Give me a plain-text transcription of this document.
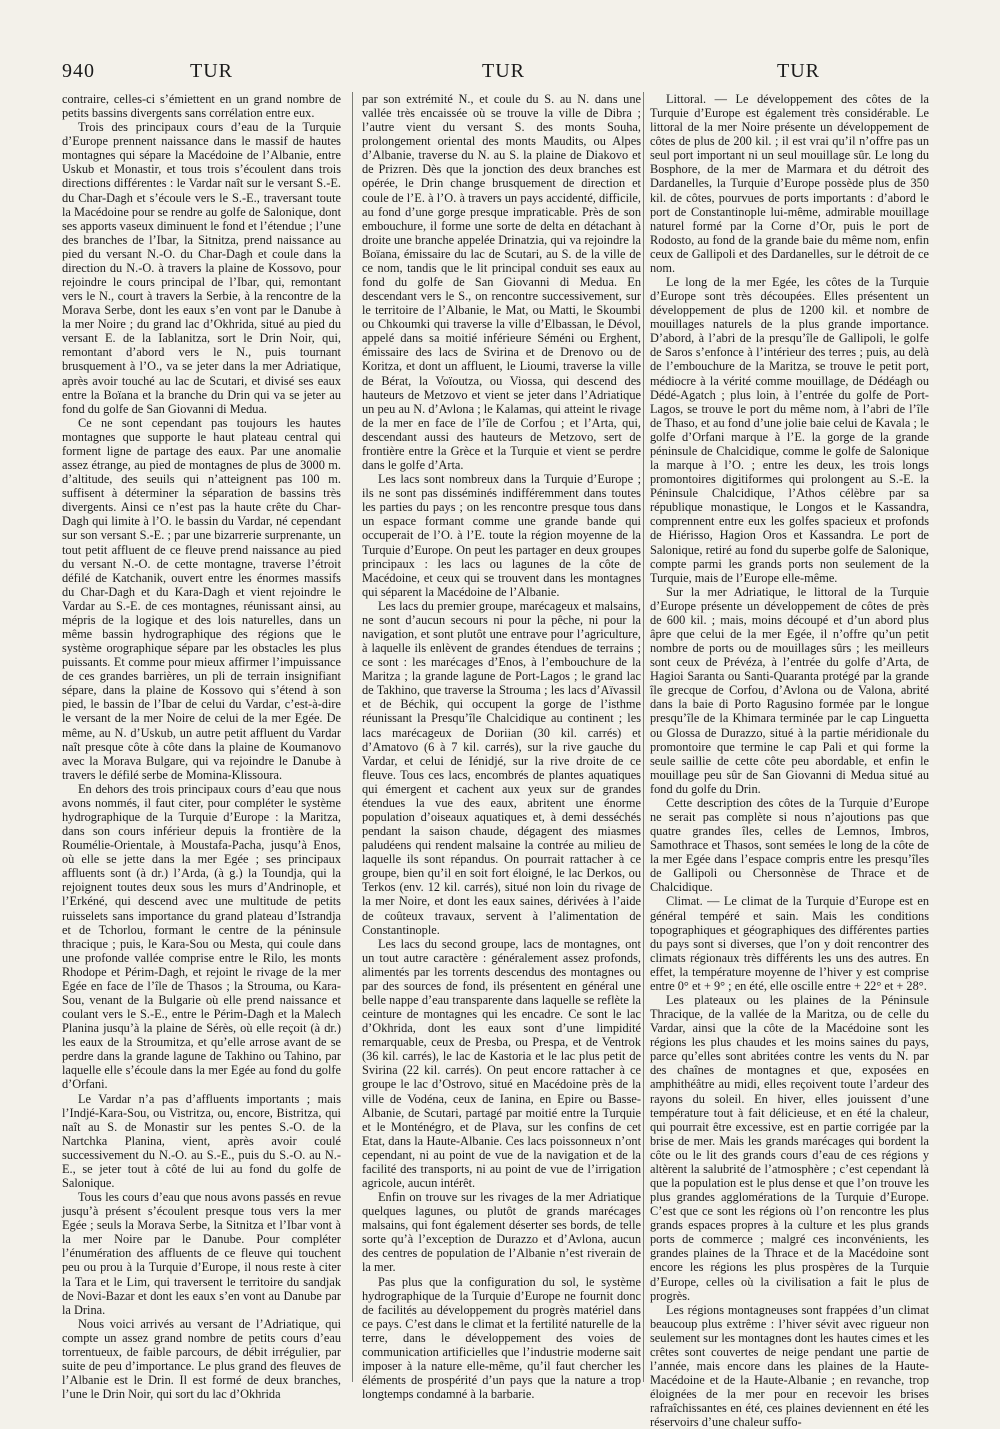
940	TUR	TUR	TUR

contraire, celles-ci s’émiettent en un grand nombre de petits bassins divergents sans corrélation entre eux.

Trois des principaux cours d’eau de la Turquie d’Europe prennent naissance dans le massif de hautes montagnes qui sépare la Macédoine de l’Albanie, entre Uskub et Monastir, et tous trois s’écoulent dans trois directions différentes : le Vardar naît sur le versant S.-E. du Char-Dagh et s’écoule vers le S.-E., traversant toute la Macédoine pour se rendre au golfe de Salonique, dont ses apports vaseux diminuent le fond et l’étendue ; l’une des branches de l’Ibar, la Sitnitza, prend naissance au pied du versant N.-O. du Char-Dagh et coule dans la direction du N.-O. à travers la plaine de Kossovo, pour rejoindre le cours principal de l’Ibar, qui, remontant vers le N., court à travers la Serbie, à la rencontre de la Morava Serbe, dont les eaux s’en vont par le Danube à la mer Noire ; du grand lac d’Okhrida, situé au pied du versant E. de la Iablanitza, sort le Drin Noir, qui, remontant d’abord vers le N., puis tournant brusquement à l’O., va se jeter dans la mer Adriatique, après avoir touché au lac de Scutari, et divisé ses eaux entre la Boïana et la branche du Drin qui va se jeter au fond du golfe de San Giovanni di Medua.

Ce ne sont cependant pas toujours les hautes montagnes que supporte le haut plateau central qui forment ligne de partage des eaux. Par une anomalie assez étrange, au pied de montagnes de plus de 3000 m. d’altitude, des seuils qui n’atteignent pas 100 m. suffisent à déterminer la séparation de bassins très divergents. Ainsi ce n’est pas la haute crête du Char-Dagh qui limite à l’O. le bassin du Vardar, né cependant sur son versant S.-E. ; par une bizarrerie surprenante, un tout petit affluent de ce fleuve prend naissance au pied du versant N.-O. de cette montagne, traverse l’étroit défilé de Katchanik, ouvert entre les énormes massifs du Char-Dagh et du Kara-Dagh et vient rejoindre le Vardar au S.-E. de ces montagnes, réunissant ainsi, au mépris de la logique et des lois naturelles, dans un même bassin hydrographique des régions que le système orographique sépare par les obstacles les plus puissants. Et comme pour mieux affirmer l’impuissance de ces grandes barrières, un pli de terrain insignifiant sépare, dans la plaine de Kossovo qui s’étend à son pied, le bassin de l’Ibar de celui du Vardar, c’est-à-dire le versant de la mer Noire de celui de la mer Egée. De même, au N. d’Uskub, un autre petit affluent du Vardar naît presque côte à côte dans la plaine de Koumanovo avec la Morava Bulgare, qui va rejoindre le Danube à travers le défilé serbe de Momina-Klissoura.

En dehors des trois principaux cours d’eau que nous avons nommés, il faut citer, pour compléter le système hydrographique de la Turquie d’Europe : la Maritza, dans son cours inférieur depuis la frontière de la Roumélie-Orientale, à Moustafa-Pacha, jusqu’à Enos, où elle se jette dans la mer Egée ; ses principaux affluents sont (à dr.) l’Arda, (à g.) la Toundja, qui la rejoignent toutes deux sous les murs d’Andrinople, et l’Erkéné, qui descend avec une multitude de petits ruisselets sans importance du grand plateau d’Istrandja et de Tchorlou, formant le centre de la péninsule thracique ; puis, le Kara-Sou ou Mesta, qui coule dans une profonde vallée comprise entre le Rilo, les monts Rhodope et Périm-Dagh, et rejoint le rivage de la mer Egée en face de l’île de Thasos ; la Strouma, ou Kara-Sou, venant de la Bulgarie où elle prend naissance et coulant vers le S.-E., entre le Périm-Dagh et la Malech Planina jusqu’à la plaine de Sérès, où elle reçoit (à dr.) les eaux de la Stroumitza, et qu’elle arrose avant de se perdre dans la grande lagune de Takhino ou Tahino, par laquelle elle s’écoule dans la mer Egée au fond du golfe d’Orfani.

Le Vardar n’a pas d’affluents importants ; mais l’Indjé-Kara-Sou, ou Vistritza, ou, encore, Bistritza, qui naît au S. de Monastir sur les pentes S.-O. de la Nartchka Planina, vient, après avoir coulé successivement du N.-O. au S.-E., puis du S.-O. au N.-E., se jeter tout à côté de lui au fond du golfe de Salonique.

Tous les cours d’eau que nous avons passés en revue jusqu’à présent s’écoulent presque tous vers la mer Egée ; seuls la Morava Serbe, la Sitnitza et l’Ibar vont à la mer Noire par le Danube. Pour compléter l’énumération des affluents de ce fleuve qui touchent peu ou prou à la Turquie d’Europe, il nous reste à citer la Tara et le Lim, qui traversent le territoire du sandjak de Novi-Bazar et dont les eaux s’en vont au Danube par la Drina.

Nous voici arrivés au versant de l’Adriatique, qui compte un assez grand nombre de petits cours d’eau torrentueux, de faible parcours, de débit irrégulier, par suite de peu d’importance. Le plus grand des fleuves de l’Albanie est le Drin. Il est formé de deux branches, l’une le Drin Noir, qui sort du lac d’Okhrida

par son extrémité N., et coule du S. au N. dans une vallée très encaissée où se trouve la ville de Dibra ; l’autre vient du versant S. des monts Souha, prolongement oriental des monts Maudits, ou Alpes d’Albanie, traverse du N. au S. la plaine de Diakovo et de Prizren. Dès que la jonction des deux branches est opérée, le Drin change brusquement de direction et coule de l’E. à l’O. à travers un pays accidenté, difficile, au fond d’une gorge presque impraticable. Près de son embouchure, il forme une sorte de delta en détachant à droite une branche appelée Drinatzia, qui va rejoindre la Boïana, émissaire du lac de Scutari, au S. de la ville de ce nom, tandis que le lit principal conduit ses eaux au fond du golfe de San Giovanni di Medua. En descendant vers le S., on rencontre successivement, sur le territoire de l’Albanie, le Mat, ou Matti, le Skoumbi ou Chkoumki qui traverse la ville d’Elbassan, le Dévol, appelé dans sa moitié inférieure Séméni ou Erghent, émissaire des lacs de Svirina et de Drenovo ou de Koritza, et dont un affluent, le Lioumi, traverse la ville de Bérat, la Voïoutza, ou Viossa, qui descend des hauteurs de Metzovo et vient se jeter dans l’Adriatique un peu au N. d’Avlona ; le Kalamas, qui atteint le rivage de la mer en face de l’île de Corfou ; et l’Arta, qui, descendant aussi des hauteurs de Metzovo, sert de frontière entre la Grèce et la Turquie et vient se perdre dans le golfe d’Arta.

Les lacs sont nombreux dans la Turquie d’Europe ; ils ne sont pas disséminés indifféremment dans toutes les parties du pays ; on les rencontre presque tous dans un espace formant comme une grande bande qui occuperait de l’O. à l’E. toute la région moyenne de la Turquie d’Europe. On peut les partager en deux groupes principaux : les lacs ou lagunes de la côte de Macédoine, et ceux qui se trouvent dans les montagnes qui séparent la Macédoine de l’Albanie.

Les lacs du premier groupe, marécageux et malsains, ne sont d’aucun secours ni pour la pêche, ni pour la navigation, et sont plutôt une entrave pour l’agriculture, à laquelle ils enlèvent de grandes étendues de terrains ; ce sont : les marécages d’Enos, à l’embouchure de la Maritza ; la grande lagune de Port-Lagos ; le grand lac de Takhino, que traverse la Strouma ; les lacs d’Aïvassil et de Béchik, qui occupent la gorge de l’isthme réunissant la Presqu’île Chalcidique au continent ; les lacs marécageux de Doriian (30 kil. carrés) et d’Amatovo (6 à 7 kil. carrés), sur la rive gauche du Vardar, et celui de Iénidjé, sur la rive droite de ce fleuve. Tous ces lacs, encombrés de plantes aquatiques qui émergent et cachent aux yeux sur de grandes étendues la vue des eaux, abritent une énorme population d’oiseaux aquatiques et, à demi desséchés pendant la saison chaude, dégagent des miasmes paludéens qui rendent malsaine la contrée au milieu de laquelle ils sont répandus. On pourrait rattacher à ce groupe, bien qu’il en soit fort éloigné, le lac Derkos, ou Terkos (env. 12 kil. carrés), situé non loin du rivage de la mer Noire, et dont les eaux saines, dérivées à l’aide de coûteux travaux, servent à l’alimentation de Constantinople.

Les lacs du second groupe, lacs de montagnes, ont un tout autre caractère : généralement assez profonds, alimentés par les torrents descendus des montagnes ou par des sources de fond, ils présentent en général une belle nappe d’eau transparente dans laquelle se reflète la ceinture de montagnes qui les encadre. Ce sont le lac d’Okhrida, dont les eaux sont d’une limpidité remarquable, ceux de Presba, ou Prespa, et de Ventrok (36 kil. carrés), le lac de Kastoria et le lac plus petit de Svirina (22 kil. carrés). On peut encore rattacher à ce groupe le lac d’Ostrovo, situé en Macédoine près de la ville de Vodéna, ceux de Ianina, en Epire ou Basse-Albanie, de Scutari, partagé par moitié entre la Turquie et le Monténégro, et de Plava, sur les confins de cet Etat, dans la Haute-Albanie. Ces lacs poissonneux n’ont cependant, ni au point de vue de la navigation et de la facilité des transports, ni au point de vue de l’irrigation agricole, aucun intérêt.

Enfin on trouve sur les rivages de la mer Adriatique quelques lagunes, ou plutôt de grands marécages malsains, qui font également déserter ses bords, de telle sorte qu’à l’exception de Durazzo et d’Avlona, aucun des centres de population de l’Albanie n’est riverain de la mer.

Pas plus que la configuration du sol, le système hydrographique de la Turquie d’Europe ne fournit donc de facilités au développement du progrès matériel dans ce pays. C’est dans le climat et la fertilité naturelle de la terre, dans le développement des voies de communication artificielles que l’industrie moderne sait imposer à la nature elle-même, qu’il faut chercher les éléments de prospérité d’un pays que la nature a trop longtemps condamné à la barbarie.

Littoral. — Le développement des côtes de la Turquie d’Europe est également très considérable. Le littoral de la mer Noire présente un développement de côtes de plus de 200 kil. ; il est vrai qu’il n’offre pas un seul port important ni un seul mouillage sûr. Le long du Bosphore, de la mer de Marmara et du détroit des Dardanelles, la Turquie d’Europe possède plus de 350 kil. de côtes, pourvues de ports importants : d’abord le port de Constantinople lui-même, admirable mouillage naturel formé par la Corne d’Or, puis le port de Rodosto, au fond de la grande baie du même nom, enfin ceux de Gallipoli et des Dardanelles, sur le détroit de ce nom.

Le long de la mer Egée, les côtes de la Turquie d’Europe sont très découpées. Elles présentent un développement de plus de 1200 kil. et nombre de mouillages naturels de la plus grande importance. D’abord, à l’abri de la presqu’île de Gallipoli, le golfe de Saros s’enfonce à l’intérieur des terres ; puis, au delà de l’embouchure de la Maritza, se trouve le petit port, médiocre à la vérité comme mouillage, de Dédéagh ou Dédé-Agatch ; plus loin, à l’entrée du golfe de Port-Lagos, se trouve le port du même nom, à l’abri de l’île de Thaso, et au fond d’une jolie baie celui de Kavala ; le golfe d’Orfani marque à l’E. la gorge de la grande péninsule de Chalcidique, comme le golfe de Salonique la marque à l’O. ; entre les deux, les trois longs promontoires digitiformes qui prolongent au S.-E. la Péninsule Chalcidique, l’Athos célèbre par sa république monastique, le Longos et le Kassandra, comprennent entre eux les golfes spacieux et profonds de Hiérisso, Hagion Oros et Kassandra. Le port de Salonique, retiré au fond du superbe golfe de Salonique, compte parmi les grands ports non seulement de la Turquie, mais de l’Europe elle-même.

Sur la mer Adriatique, le littoral de la Turquie d’Europe présente un développement de côtes de près de 600 kil. ; mais, moins découpé et d’un abord plus âpre que celui de la mer Egée, il n’offre qu’un petit nombre de ports ou de mouillages sûrs ; les meilleurs sont ceux de Prévéza, à l’entrée du golfe d’Arta, de Hagioi Saranta ou Santi-Quaranta protégé par la grande île grecque de Corfou, d’Avlona ou de Valona, abrité dans la baie di Porto Ragusino formée par le longue presqu’île de la Khimara terminée par le cap Linguetta ou Glossa de Durazzo, situé à la partie méridionale du promontoire que termine le cap Pali et qui forme la seule saillie de cette côte peu abordable, et enfin le mouillage peu sûr de San Giovanni di Medua situé au fond du golfe du Drin.

Cette description des côtes de la Turquie d’Europe ne serait pas complète si nous n’ajoutions pas que quatre grandes îles, celles de Lemnos, Imbros, Samothrace et Thasos, sont semées le long de la côte de la mer Egée dans l’espace compris entre les presqu’îles de Gallipoli ou Chersonnèse de Thrace et de Chalcidique.

Climat. — Le climat de la Turquie d’Europe est en général tempéré et sain. Mais les conditions topographiques et géographiques des différentes parties du pays sont si diverses, que l’on y doit rencontrer des climats régionaux très différents les uns des autres. En effet, la température moyenne de l’hiver y est comprise entre 0° et + 9° ; en été, elle oscille entre + 22° et + 28°.

Les plateaux ou les plaines de la Péninsule Thracique, de la vallée de la Maritza, ou de celle du Vardar, ainsi que la côte de la Macédoine sont les régions les plus chaudes et les moins saines du pays, parce qu’elles sont abritées contre les vents du N. par des chaînes de montagnes et que, exposées en amphithéâtre au midi, elles reçoivent toute l’ardeur des rayons du soleil. En hiver, elles jouissent d’une température tout à fait délicieuse, et en été la chaleur, qui pourrait être excessive, est en partie corrigée par la brise de mer. Mais les grands marécages qui bordent la côte ou le lit des grands cours d’eau de ces régions y altèrent la salubrité de l’atmosphère ; c’est cependant là que la population est le plus dense et que l’on trouve les plus grandes agglomérations de la Turquie d’Europe. C’est que ce sont les régions où l’on rencontre les plus grands espaces propres à la culture et les plus grands ports de commerce ; malgré ces inconvénients, les grandes plaines de la Thrace et de la Macédoine sont encore les régions les plus prospères de la Turquie d’Europe, celles où la civilisation a fait le plus de progrès.

Les régions montagneuses sont frappées d’un climat beaucoup plus extrême : l’hiver sévit avec rigueur non seulement sur les montagnes dont les hautes cimes et les crêtes sont couvertes de neige pendant une partie de l’année, mais encore dans les plaines de la Haute-Macédoine et de la Haute-Albanie ; en revanche, trop éloignées de la mer pour en recevoir les brises rafraîchissantes en été, ces plaines deviennent en été les réservoirs d’une chaleur suffo-
